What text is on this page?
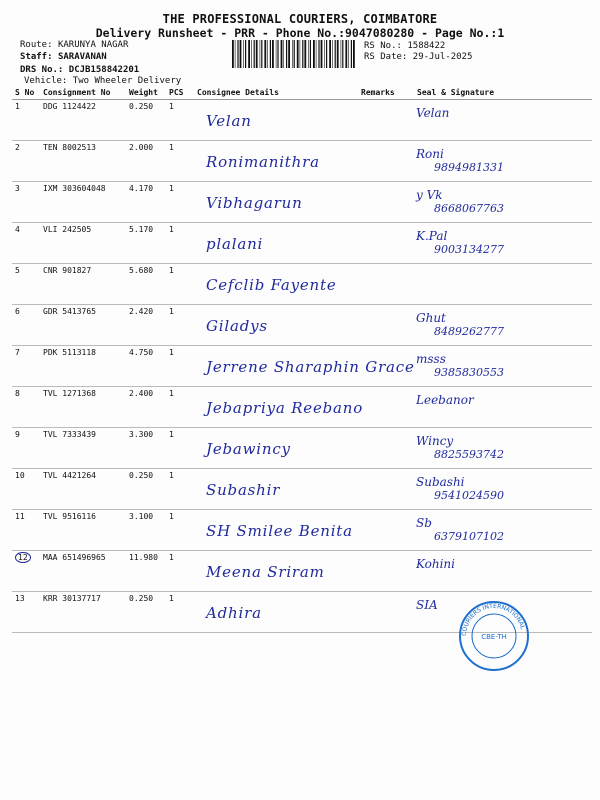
THE PROFESSIONAL COURIERS, COIMBATORE
Delivery Runsheet - PRR - Phone No.:9047080280 - Page No.:1
Route: KARUNYA NAGAR
Staff: SARAVANAN
DRS No.: DCJB158842201
Vehicle: Two Wheeler Delivery
RS No.: 1588422
RS Date: 29-Jul-2025
S No	Consignment No	Weight	PCS	Consignee Details	Remarks	Seal & Signature
1	DDG 1124422	0.250	1	Velan		Velan

2	TEN 8002513	2.000	1	Ronimanithra		Roni
9894981331

3	IXM 303604048	4.170	1	Vibhagarun		y Vk
8668067763

4	VLI 242505	5.170	1	plalani		K.Pal
9003134277

5	CNR 901827	5.680	1	Cefclib Fayente		

6	GDR 5413765	2.420	1	Giladys		Ghut
8489262777

7	PDK 5113118	4.750	1	Jerrene Sharaphin Grace		msss
9385830553

8	TVL 1271368	2.400	1	Jebapriya Reebano		Leebanor

9	TVL 7333439	3.300	1	Jebawincy		Wincy
8825593742

10	TVL 4421264	0.250	1	Subashir		Subashi
9541024590

11	TVL 9516116	3.100	1	SH Smilee Benita		Sb
6379107102

12	MAA 651496965	11.980	1	Meena Sriram		Kohini

13	KRR 30137717	0.250	1	Adhira		SIA
COURIERS INTERNATIONAL
CBE-TH
